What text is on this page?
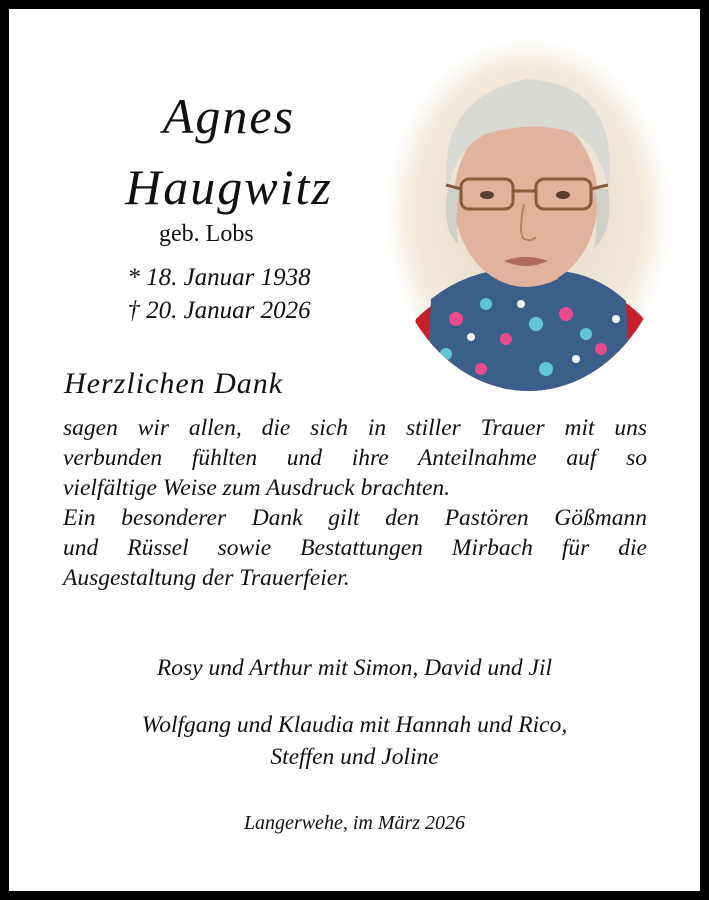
Agnes
Haugwitz
geb. Lobs
* 18. Januar 1938
† 20. Januar 2026
Herzlichen Dank
sagen wir allen, die sich in stiller Trauer mit uns
verbunden fühlten und ihre Anteilnahme auf so
vielfältige Weise zum Ausdruck brachten.
Ein besonderer Dank gilt den Pastören Gößmann
und Rüssel sowie Bestattungen Mirbach für die
Ausgestaltung der Trauerfeier.
Rosy und Arthur mit Simon, David und Jil
Wolfgang und Klaudia mit Hannah und Rico,
Steffen und Joline
Langerwehe, im März 2026
